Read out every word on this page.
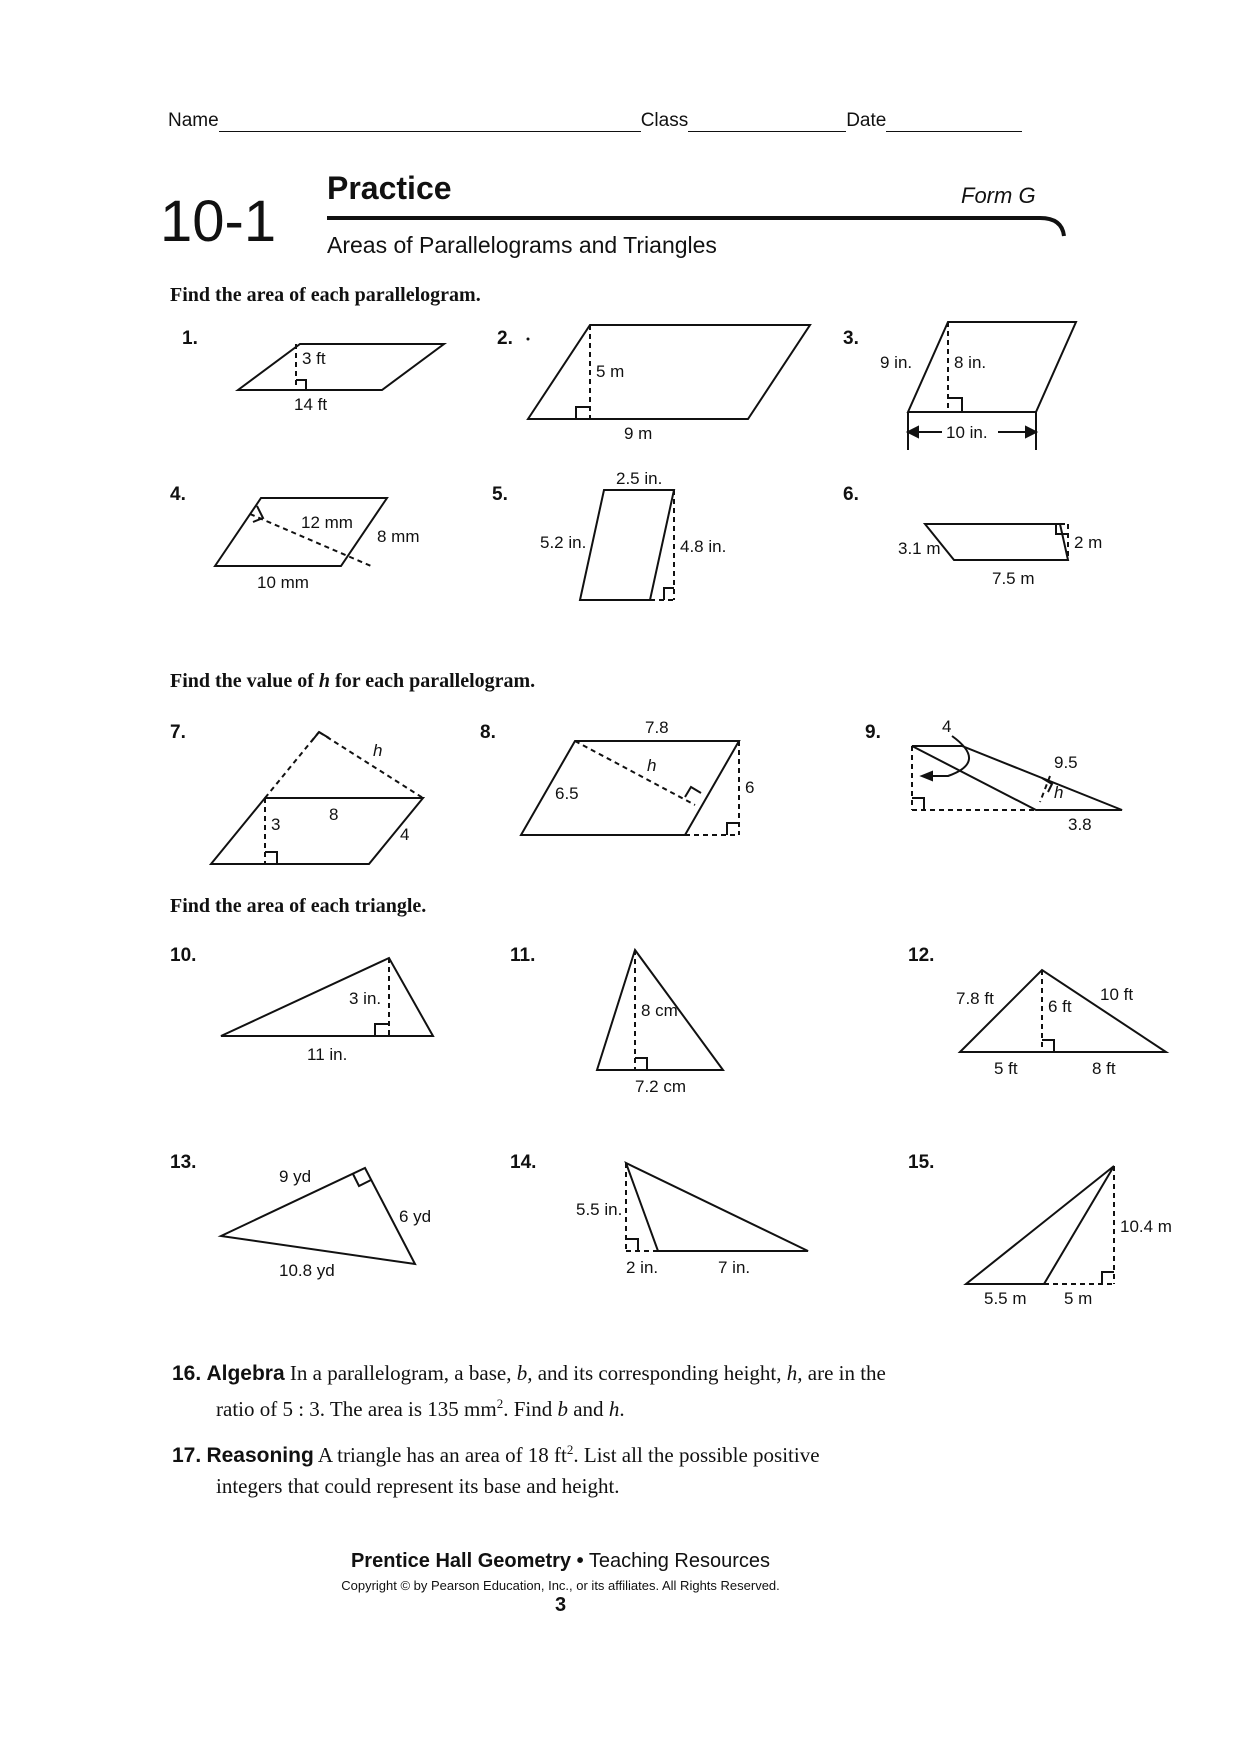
Name	Class	Date
10-1
Practice	Form G
Areas of Parallelograms and Triangles
Find the area of each parallelogram.
1.
3 ft
14 ft
2.
5 m
9 m
3.
9 in. 8 in.
10 in.
4.
12 mm
8 mm
10 mm
5.
2.5 in.
5.2 in.	4.8 in.
6.
3.1 m	2 m
7.5 m
Find the value of h for each parallelogram.
7.
h
8
3
4
8.	7.8
6.5
h
6
9.	4
9.5
h
3.8
Find the area of each triangle.
10.
3 in.
11 in.
11.
8 cm
7.2 cm
12.
7.8 ft	6 ft
10 ft
5 ft	8 ft
13.
9 yd
6 yd
10.8 yd
14.
5.5 in.
2 in.	7 in.
15.
10.4 m
5.5 m 5 m
16. Algebra In a parallelogram, a base, b, and its corresponding height, h, are in the
ratio of 5 : 3. The area is 135 $mm^2$. Find b and h.
17. Reasoning A triangle has an area of 18 $ft^2$. List all the possible positive
integers that could represent its base and height.
Prentice Hall Geometry • Teaching Resources
Copyright © by Pearson Education, Inc., or its affiliates. All Rights Reserved.
3
